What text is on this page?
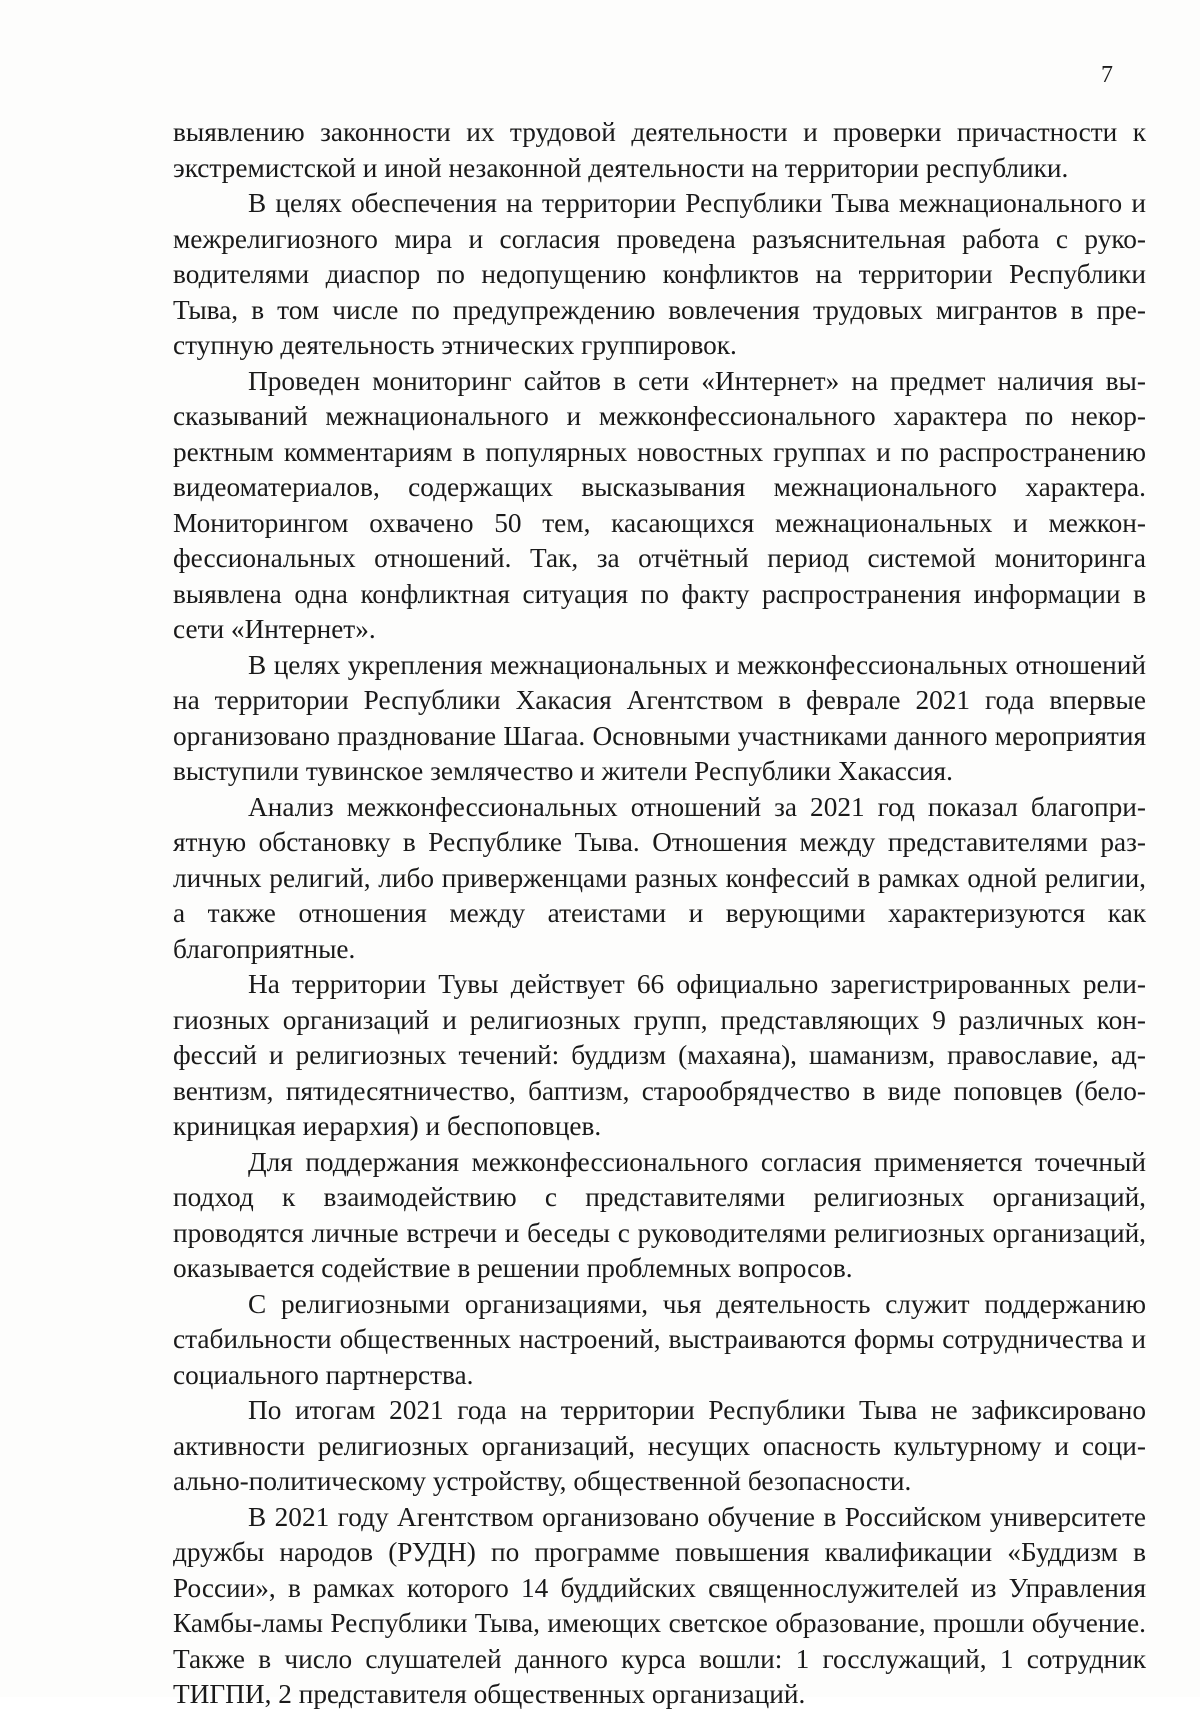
7

выявлению законности их трудовой деятельности и проверки причастности к экстремистской и иной незаконной деятельности на территории республики.

В целях обеспечения на территории Республики Тыва межнационального и межрелигиозного мира и согласия проведена разъяснительная работа с руководителями диаспор по недопущению конфликтов на территории Республики Тыва, в том числе по предупреждению вовлечения трудовых мигрантов в преступную деятельность этнических группировок.

Проведен мониторинг сайтов в сети «Интернет» на предмет наличия высказываний межнационального и межконфессионального характера по некорректным комментариям в популярных новостных группах и по распространению видеоматериалов, содержащих высказывания межнационального характера. Мониторингом охвачено 50 тем, касающихся межнациональных и межконфессиональных отношений. Так, за отчётный период системой мониторинга выявлена одна конфликтная ситуация по факту распространения информации в сети «Интернет».

В целях укрепления межнациональных и межконфессиональных отношений на территории Республики Хакасия Агентством в феврале 2021 года впервые организовано празднование Шагаа. Основными участниками данного мероприятия выступили тувинское землячество и жители Республики Хакассия.

Анализ межконфессиональных отношений за 2021 год показал благоприятную обстановку в Республике Тыва. Отношения между представителями различных религий, либо приверженцами разных конфессий в рамках одной религии, а также отношения между атеистами и верующими характеризуются как благоприятные.

На территории Тувы действует 66 официально зарегистрированных религиозных организаций и религиозных групп, представляющих 9 различных конфессий и религиозных течений: буддизм (махаяна), шаманизм, православие, адвентизм, пятидесятничество, баптизм, старообрядчество в виде поповцев (белокриницкая иерархия) и беспоповцев.

Для поддержания межконфессионального согласия применяется точечный подход к взаимодействию с представителями религиозных организаций, проводятся личные встречи и беседы с руководителями религиозных организаций, оказывается содействие в решении проблемных вопросов.

С религиозными организациями, чья деятельность служит поддержанию стабильности общественных настроений, выстраиваются формы сотрудничества и социального партнерства.

По итогам 2021 года на территории Республики Тыва не зафиксировано активности религиозных организаций, несущих опасность культурному и социально-политическому устройству, общественной безопасности.

В 2021 году Агентством организовано обучение в Российском университете дружбы народов (РУДН) по программе повышения квалификации «Буддизм в России», в рамках которого 14 буддийских священнослужителей из Управления Камбы-ламы Республики Тыва, имеющих светское образование, прошли обучение. Также в число слушателей данного курса вошли: 1 госслужащий, 1 сотрудник ТИГПИ, 2 представителя общественных организаций.
